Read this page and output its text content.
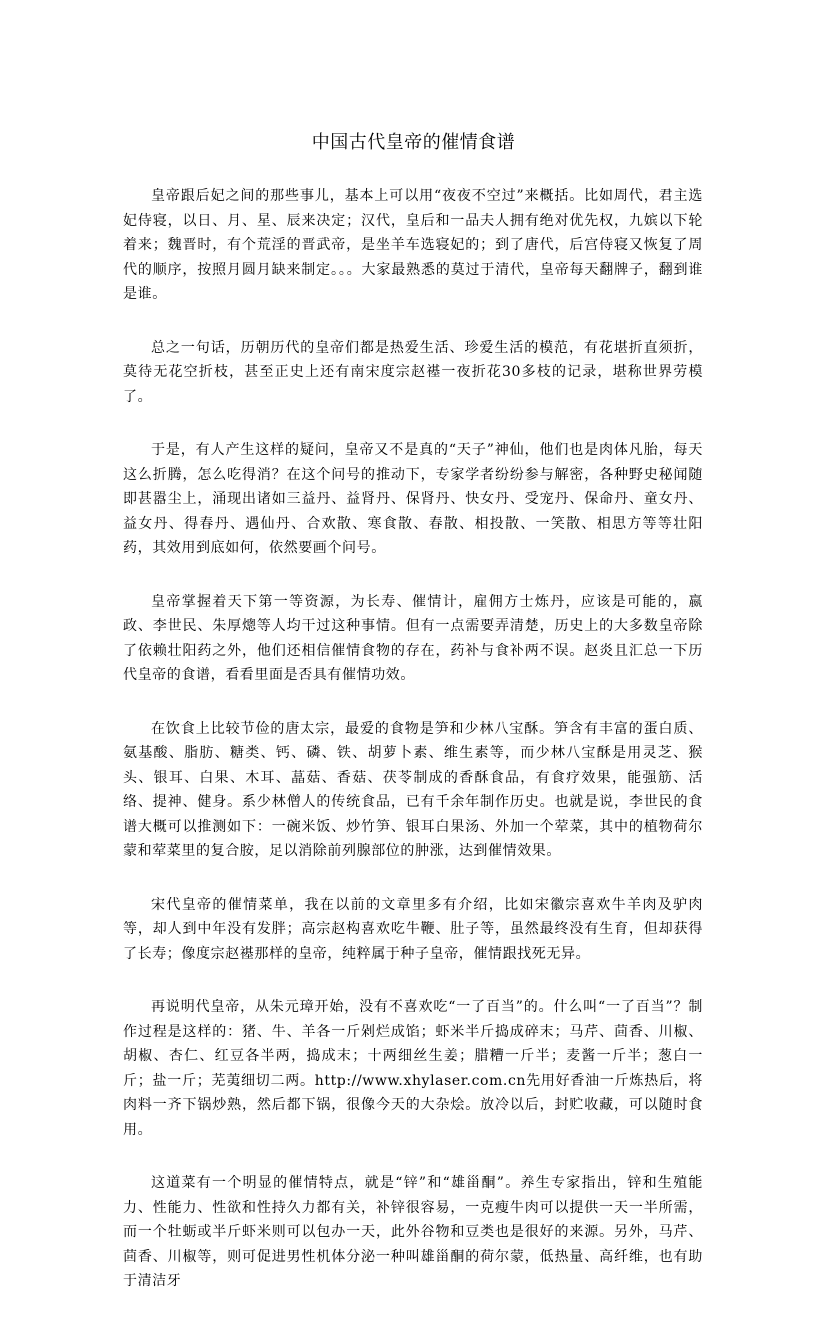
中国古代皇帝的催情食谱

皇帝跟后妃之间的那些事儿，基本上可以用“夜夜不空过”来概括。比如周代，君主选妃侍寝，以日、月、星、辰来决定；汉代，皇后和一品夫人拥有绝对优先权，九嫔以下轮着来；魏晋时，有个荒淫的晋武帝，是坐羊车选寝妃的；到了唐代，后宫侍寝又恢复了周代的顺序，按照月圆月缺来制定。。。大家最熟悉的莫过于清代，皇帝每天翻牌子，翻到谁是谁。

总之一句话，历朝历代的皇帝们都是热爱生活、珍爱生活的模范，有花堪折直须折，莫待无花空折枝，甚至正史上还有南宋度宗赵禥一夜折花30多枝的记录，堪称世界劳模了。

于是，有人产生这样的疑问，皇帝又不是真的“天子”神仙，他们也是肉体凡胎，每天这么折腾，怎么吃得消？在这个问号的推动下，专家学者纷纷参与解密，各种野史秘闻随即甚嚣尘上，涌现出诸如三益丹、益肾丹、保肾丹、快女丹、受宠丹、保命丹、童女丹、益女丹、得春丹、遇仙丹、合欢散、寒食散、春散、相投散、一笑散、相思方等等壮阳药，其效用到底如何，依然要画个问号。

皇帝掌握着天下第一等资源，为长寿、催情计，雇佣方士炼丹，应该是可能的，嬴政、李世民、朱厚熜等人均干过这种事情。但有一点需要弄清楚，历史上的大多数皇帝除了依赖壮阳药之外，他们还相信催情食物的存在，药补与食补两不误。赵炎且汇总一下历代皇帝的食谱，看看里面是否具有催情功效。

在饮食上比较节俭的唐太宗，最爱的食物是笋和少林八宝酥。笋含有丰富的蛋白质、氨基酸、脂肪、糖类、钙、磷、铁、胡萝卜素、维生素等，而少林八宝酥是用灵芝、猴头、银耳、白果、木耳、蕌菇、香菇、茯苓制成的香酥食品，有食疗效果，能强筋、活络、提神、健身。系少林僧人的传统食品，已有千余年制作历史。也就是说，李世民的食谱大概可以推测如下：一碗米饭、炒竹笋、银耳白果汤、外加一个荤菜，其中的植物荷尔蒙和荤菜里的复合胺，足以消除前列腺部位的肿涨，达到催情效果。

宋代皇帝的催情菜单，我在以前的文章里多有介绍，比如宋徽宗喜欢牛羊肉及驴肉等，却人到中年没有发胖；高宗赵构喜欢吃牛鞭、肚子等，虽然最终没有生育，但却获得了长寿；像度宗赵禥那样的皇帝，纯粹属于种子皇帝，催情跟找死无异。

再说明代皇帝，从朱元璋开始，没有不喜欢吃“一了百当”的。什么叫“一了百当”？制作过程是这样的：猪、牛、羊各一斤剁烂成馅；虾米半斤捣成碎末；马芹、茴香、川椒、胡椒、杏仁、红豆各半两，捣成末；十两细丝生姜；腊糟一斤半；麦酱一斤半；葱白一斤；盐一斤；芜荑细切二两。http://www.xhylaser.com.cn先用好香油一斤炼热后，将肉料一齐下锅炒熟，然后都下锅，很像今天的大杂烩。放冷以后，封贮收藏，可以随时食用。

这道菜有一个明显的催情特点，就是“锌”和“雄甾酮”。养生专家指出，锌和生殖能力、性能力、性欲和性持久力都有关，补锌很容易，一克瘦牛肉可以提供一天一半所需，而一个牡蛎或半斤虾米则可以包办一天，此外谷物和豆类也是很好的来源。另外，马芹、茴香、川椒等，则可促进男性机体分泌一种叫雄甾酮的荷尔蒙，低热量、高纤维，也有助于清洁牙
